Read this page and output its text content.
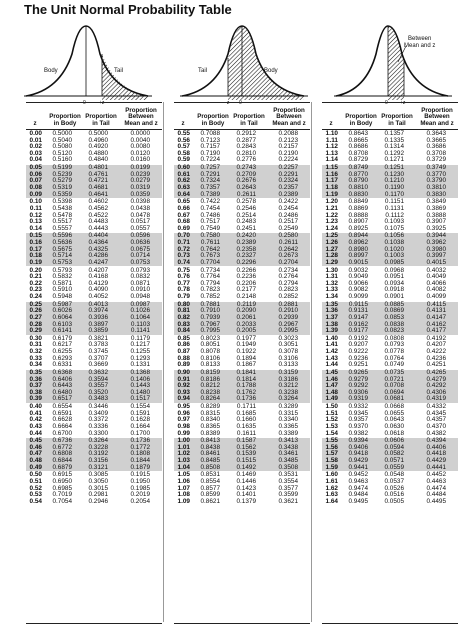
The Unit Normal Probability Table
Body	Tail
0	+z
Tail	Body
−z 0
Between
Mean and z
0 +z
z
Proportion
in Body
Proportion
in Tail
Proportion
Between
Mean and z
0.00	0.5000	0.5000	0.0000
0.01	0.5040	0.4960	0.0040
0.02	0.5080	0.4920	0.0080
0.03	0.5120	0.4880	0.0120
0.04	0.5160	0.4840	0.0160
0.05	0.5199	0.4801	0.0199
0.06	0.5239	0.4761	0.0239
0.07	0.5279	0.4721	0.0279
0.08	0.5319	0.4681	0.0319
0.09	0.5359	0.4641	0.0359
0.10	0.5398	0.4602	0.0398
0.11	0.5438	0.4562	0.0438
0.12	0.5478	0.4522	0.0478
0.13	0.5517	0.4483	0.0517
0.14	0.5557	0.4443	0.0557
0.15	0.5596	0.4404	0.0596
0.16	0.5636	0.4364	0.0636
0.17	0.5675	0.4325	0.0675
0.18	0.5714	0.4286	0.0714
0.19	0.5753	0.4247	0.0753
0.20	0.5793	0.4207	0.0793
0.21	0.5832	0.4168	0.0832
0.22	0.5871	0.4129	0.0871
0.23	0.5910	0.4090	0.0910
0.24	0.5948	0.4052	0.0948
0.25	0.5987	0.4013	0.0987
0.26	0.6026	0.3974	0.1026
0.27	0.6064	0.3936	0.1064
0.28	0.6103	0.3897	0.1103
0.29	0.6141	0.3859	0.1141
0.30	0.6179	0.3821	0.1179
0.31	0.6217	0.3783	0.1217
0.32	0.6255	0.3745	0.1255
0.33	0.6293	0.3707	0.1293
0.34	0.6331	0.3669	0.1331
0.35	0.6368	0.3632	0.1368
0.36	0.6406	0.3594	0.1406
0.37	0.6443	0.3557	0.1443
0.38	0.6480	0.3520	0.1480
0.39	0.6517	0.3483	0.1517
0.40	0.6554	0.3446	0.1554
0.41	0.6591	0.3409	0.1591
0.42	0.6628	0.3372	0.1628
0.43	0.6664	0.3336	0.1664
0.44	0.6700	0.3300	0.1700
0.45	0.6736	0.3264	0.1736
0.46	0.6772	0.3228	0.1772
0.47	0.6808	0.3192	0.1808
0.48	0.6844	0.3156	0.1844
0.49	0.6879	0.3121	0.1879
0.50	0.6915	0.3085	0.1915
0.51	0.6950	0.3050	0.1950
0.52	0.6985	0.3015	0.1985
0.53	0.7019	0.2981	0.2019
0.54	0.7054	0.2946	0.2054
z
Proportion
in Body
Proportion
in Tail
Proportion
Between
Mean and z
0.55	0.7088	0.2912	0.2088
0.56	0.7123	0.2877	0.2123
0.57	0.7157	0.2843	0.2157
0.58	0.7190	0.2810	0.2190
0.59	0.7224	0.2776	0.2224
0.60	0.7257	0.2743	0.2257
0.61	0.7291	0.2709	0.2291
0.62	0.7324	0.2676	0.2324
0.63	0.7357	0.2643	0.2357
0.64	0.7389	0.2611	0.2389
0.65	0.7422	0.2578	0.2422
0.66	0.7454	0.2546	0.2454
0.67	0.7486	0.2514	0.2486
0.68	0.7517	0.2483	0.2517
0.69	0.7549	0.2451	0.2549
0.70	0.7580	0.2420	0.2580
0.71	0.7611	0.2389	0.2611
0.72	0.7642	0.2358	0.2642
0.73	0.7673	0.2327	0.2673
0.74	0.7704	0.2296	0.2704
0.75	0.7734	0.2266	0.2734
0.76	0.7764	0.2236	0.2764
0.77	0.7794	0.2206	0.2794
0.78	0.7823	0.2177	0.2823
0.79	0.7852	0.2148	0.2852
0.80	0.7881	0.2119	0.2881
0.81	0.7910	0.2090	0.2910
0.82	0.7939	0.2061	0.2939
0.83	0.7967	0.2033	0.2967
0.84	0.7995	0.2005	0.2995
0.85	0.8023	0.1977	0.3023
0.86	0.8051	0.1949	0.3051
0.87	0.8078	0.1922	0.3078
0.88	0.8106	0.1894	0.3106
0.89	0.8133	0.1867	0.3133
0.90	0.8159	0.1841	0.3159
0.91	0.8186	0.1814	0.3186
0.92	0.8212	0.1788	0.3212
0.93	0.8238	0.1762	0.3238
0.94	0.8264	0.1736	0.3264
0.95	0.8289	0.1711	0.3289
0.96	0.8315	0.1685	0.3315
0.97	0.8340	0.1660	0.3340
0.98	0.8365	0.1635	0.3365
0.99	0.8389	0.1611	0.3389
1.00	0.8413	0.1587	0.3413
1.01	0.8438	0.1562	0.3438
1.02	0.8461	0.1539	0.3461
1.03	0.8485	0.1515	0.3485
1.04	0.8508	0.1492	0.3508
1.05	0.8531	0.1469	0.3531
1.06	0.8554	0.1446	0.3554
1.07	0.8577	0.1423	0.3577
1.08	0.8599	0.1401	0.3599
1.09	0.8621	0.1379	0.3621
z
Proportion
in Body
Proportion
in Tail
Proportion
Between
Mean and z
1.10	0.8643	0.1357	0.3643
1.11	0.8665	0.1335	0.3665
1.12	0.8686	0.1314	0.3686
1.13	0.8708	0.1292	0.3708
1.14	0.8729	0.1271	0.3729
1.15	0.8749	0.1251	0.3749
1.16	0.8770	0.1230	0.3770
1.17	0.8790	0.1210	0.3790
1.18	0.8810	0.1190	0.3810
1.19	0.8830	0.1170	0.3830
1.20	0.8849	0.1151	0.3849
1.21	0.8869	0.1131	0.3869
1.22	0.8888	0.1112	0.3888
1.23	0.8907	0.1093	0.3907
1.24	0.8925	0.1075	0.3925
1.25	0.8944	0.1056	0.3944
1.26	0.8962	0.1038	0.3962
1.27	0.8980	0.1020	0.3980
1.28	0.8997	0.1003	0.3997
1.29	0.9015	0.0985	0.4015
1.30	0.9032	0.0968	0.4032
1.31	0.9049	0.0951	0.4049
1.32	0.9066	0.0934	0.4066
1.33	0.9082	0.0918	0.4082
1.34	0.9099	0.0901	0.4099
1.35	0.9115	0.0885	0.4115
1.36	0.9131	0.0869	0.4131
1.37	0.9147	0.0853	0.4147
1.38	0.9162	0.0838	0.4162
1.39	0.9177	0.0823	0.4177
1.40	0.9192	0.0808	0.4192
1.41	0.9207	0.0793	0.4207
1.42	0.9222	0.0778	0.4222
1.43	0.9236	0.0764	0.4236
1.44	0.9251	0.0749	0.4251
1.45	0.9265	0.0735	0.4265
1.46	0.9279	0.0721	0.4279
1.47	0.9292	0.0708	0.4292
1.48	0.9306	0.0694	0.4306
1.49	0.9319	0.0681	0.4319
1.50	0.9332	0.0668	0.4332
1.51	0.9345	0.0655	0.4345
1.52	0.9357	0.0643	0.4357
1.53	0.9370	0.0630	0.4370
1.54	0.9382	0.0618	0.4382
1.55	0.9394	0.0606	0.4394
1.56	0.9406	0.0594	0.4406
1.57	0.9418	0.0582	0.4418
1.58	0.9429	0.0571	0.4429
1.59	0.9441	0.0559	0.4441
1.60	0.9452	0.0548	0.4452
1.61	0.9463	0.0537	0.4463
1.62	0.9474	0.0526	0.4474
1.63	0.9484	0.0516	0.4484
1.64	0.9495	0.0505	0.4495
